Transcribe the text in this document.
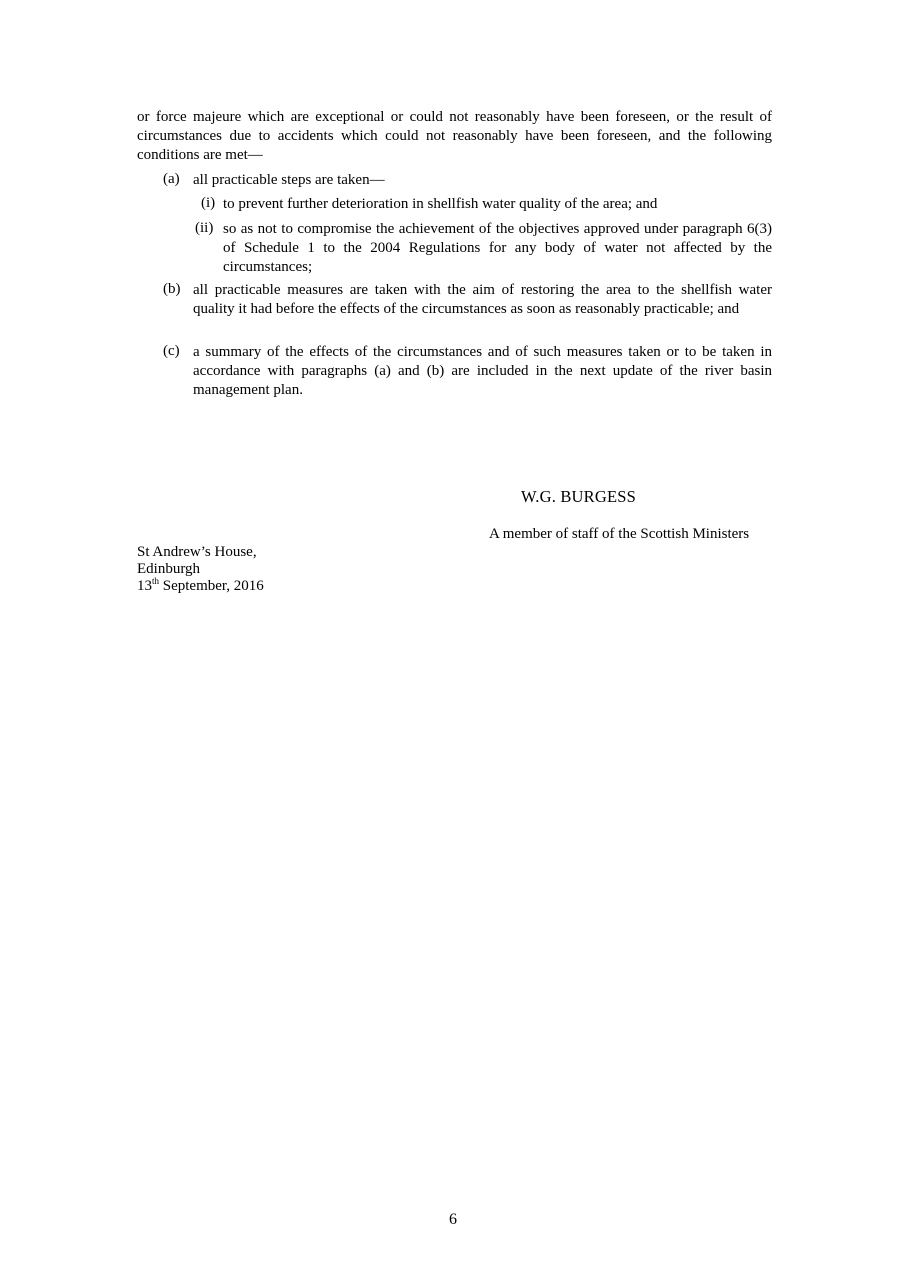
or force majeure which are exceptional or could not reasonably have been foreseen, or the result of circumstances due to accidents which could not reasonably have been foreseen, and the following conditions are met—
(a) all practicable steps are taken—
(i) to prevent further deterioration in shellfish water quality of the area; and
(ii) so as not to compromise the achievement of the objectives approved under paragraph 6(3) of Schedule 1 to the 2004 Regulations for any body of water not affected by the circumstances;
(b) all practicable measures are taken with the aim of restoring the area to the shellfish water quality it had before the effects of the circumstances as soon as reasonably practicable; and
(c) a summary of the effects of the circumstances and of such measures taken or to be taken in accordance with paragraphs (a) and (b) are included in the next update of the river basin management plan.
W.G. BURGESS
A member of staff of the Scottish Ministers
St Andrew’s House,
Edinburgh
13th September, 2016
6
